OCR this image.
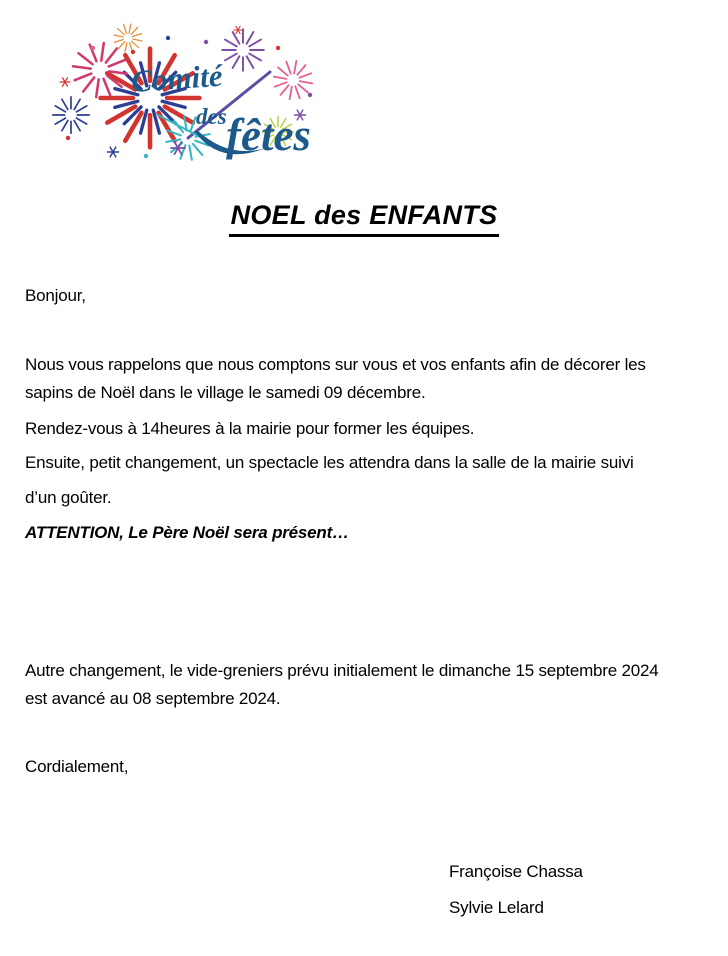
Comité
des fêtes
NOEL des ENFANTS
Bonjour,
Nous vous rappelons que nous comptons sur vous et vos enfants afin de décorer les
sapins de Noël dans le village le samedi 09 décembre.
Rendez-vous à 14heures à la mairie pour former les équipes.
Ensuite, petit changement, un spectacle les attendra dans la salle de la mairie suivi
d’un goûter.
ATTENTION, Le Père Noël sera présent…
Autre changement, le vide-greniers prévu initialement le dimanche 15 septembre 2024
est avancé au 08 septembre 2024.
Cordialement,
Françoise Chassa
Sylvie Lelard
